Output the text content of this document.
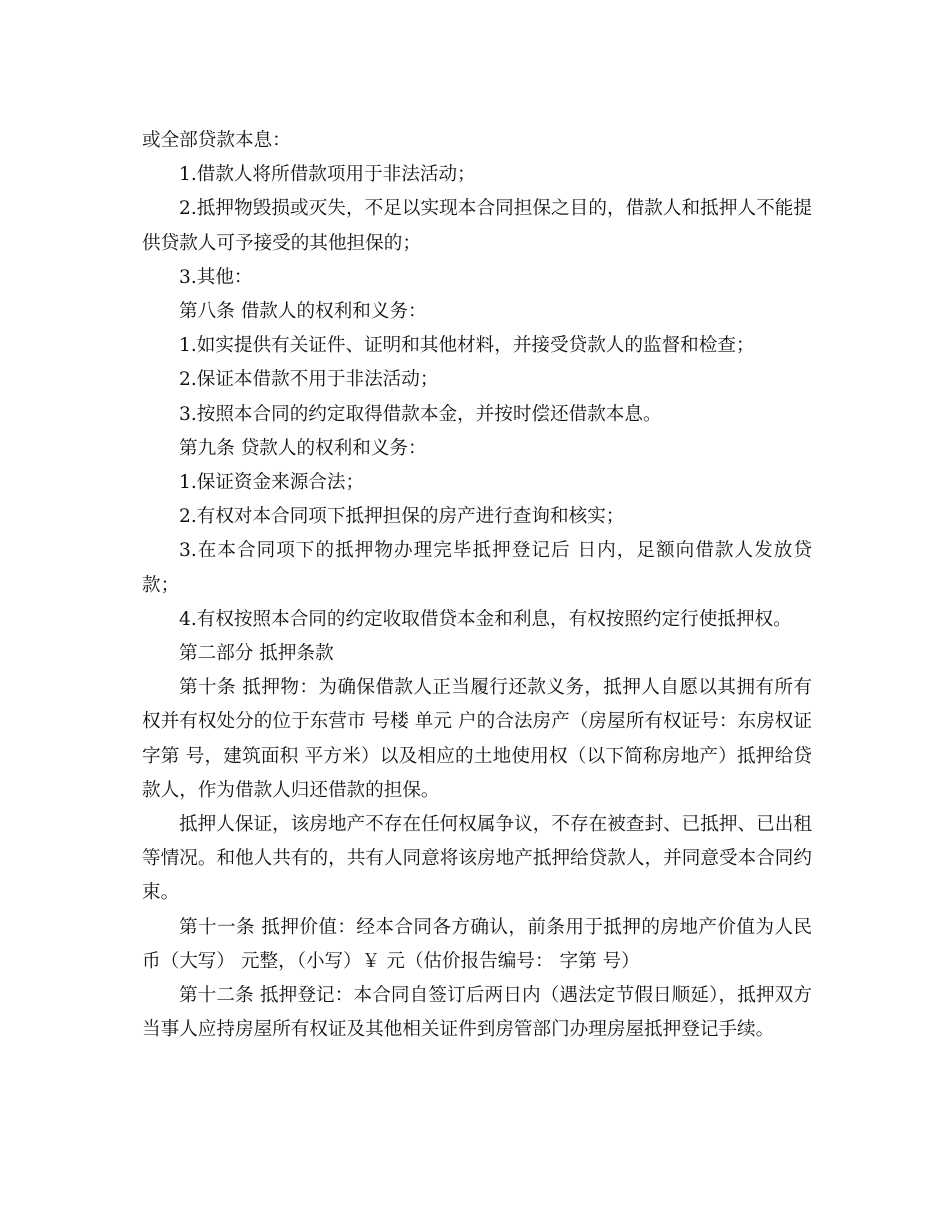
或全部贷款本息：

1.借款人将所借款项用于非法活动；

2.抵押物毁损或灭失，不足以实现本合同担保之目的，借款人和抵押人不能提供贷款人可予接受的其他担保的；

3.其他：

第八条 借款人的权利和义务：

1.如实提供有关证件、证明和其他材料，并接受贷款人的监督和检查；

2.保证本借款不用于非法活动；

3.按照本合同的约定取得借款本金，并按时偿还借款本息。

第九条 贷款人的权利和义务：

1.保证资金来源合法；

2.有权对本合同项下抵押担保的房产进行查询和核实；

3.在本合同项下的抵押物办理完毕抵押登记后 日内，足额向借款人发放贷款；

4.有权按照本合同的约定收取借贷本金和利息，有权按照约定行使抵押权。

第二部分 抵押条款

第十条 抵押物：为确保借款人正当履行还款义务，抵押人自愿以其拥有所有权并有权处分的位于东营市 号楼 单元 户的合法房产（房屋所有权证号：东房权证 字第 号，建筑面积 平方米）以及相应的土地使用权（以下简称房地产）抵押给贷款人，作为借款人归还借款的担保。

抵押人保证，该房地产不存在任何权属争议，不存在被查封、已抵押、已出租等情况。和他人共有的，共有人同意将该房地产抵押给贷款人，并同意受本合同约束。

第十一条 抵押价值：经本合同各方确认，前条用于抵押的房地产价值为人民币（大写） 元整，（小写）￥ 元（估价报告编号： 字第 号）

第十二条 抵押登记：本合同自签订后两日内（遇法定节假日顺延），抵押双方当事人应持房屋所有权证及其他相关证件到房管部门办理房屋抵押登记手续。
